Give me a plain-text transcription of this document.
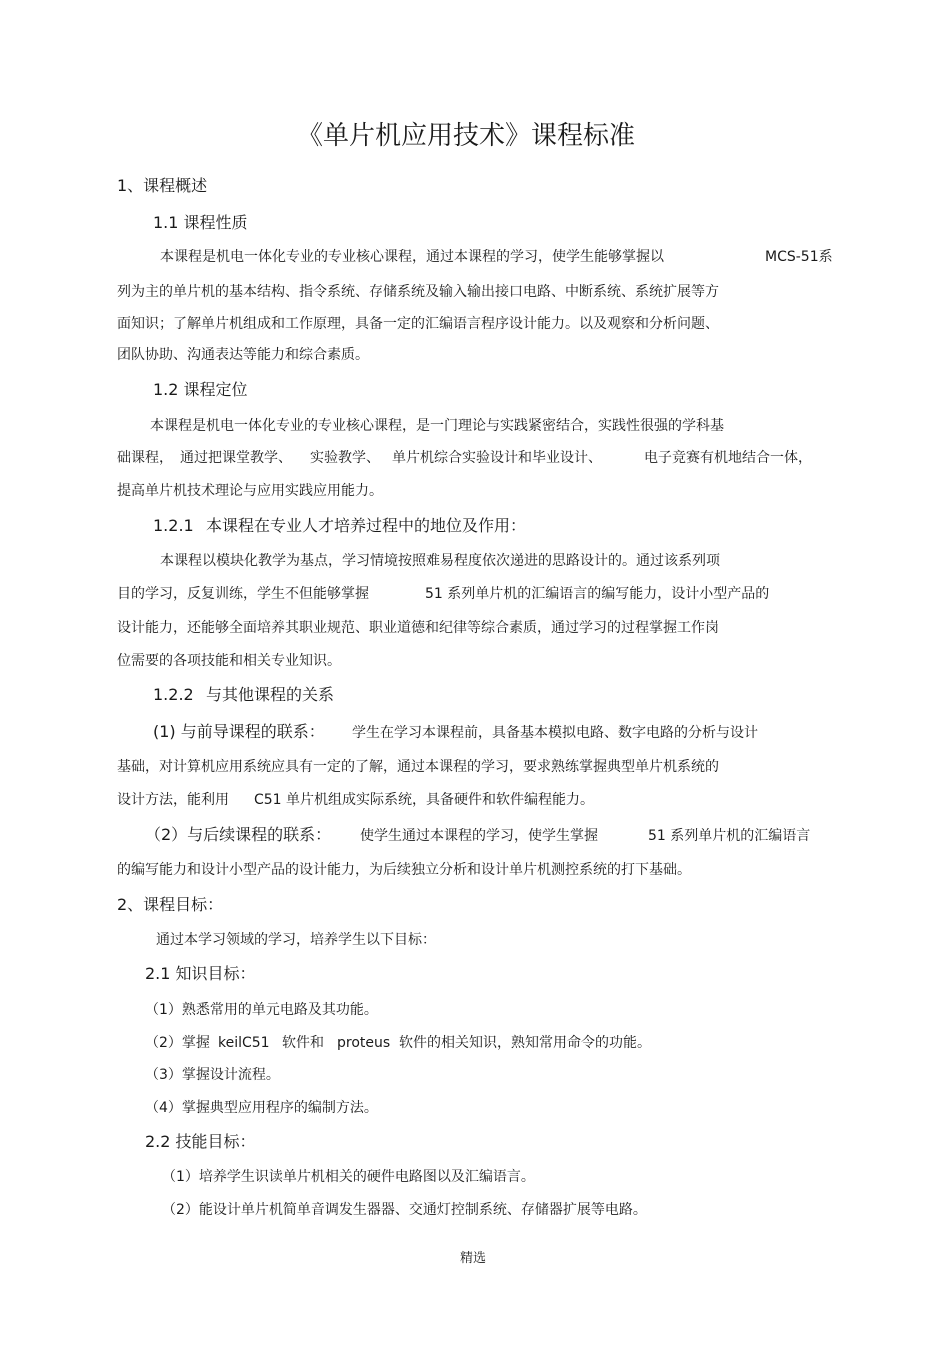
《单片机应用技术》课程标准
1、课程概述
1.1 课程性质
本课程是机电一体化专业的专业核心课程，通过本课程的学习，使学生能够掌握以	MCS-51系
列为主的单片机的基本结构、指令系统、存储系统及输入输出接口电路、中断系统、系统扩展等方
面知识；了解单片机组成和工作原理，具备一定的汇编语言程序设计能力。以及观察和分析问题、
团队协助、沟通表达等能力和综合素质。
1.2 课程定位
本课程是机电一体化专业的专业核心课程，是一门理论与实践紧密结合，实践性很强的学科基
础课程， 通过把课堂教学、 实验教学、 单片机综合实验设计和毕业设计、	电子竞赛有机地结合一体，
提高单片机技术理论与应用实践应用能力。
1.2.1 本课程在专业人才培养过程中的地位及作用：
本课程以模块化教学为基点，学习情境按照难易程度依次递进的思路设计的。通过该系列项
目的学习，反复训练，学生不但能够掌握	51 系列单片机的汇编语言的编写能力，设计小型产品的
设计能力，还能够全面培养其职业规范、职业道德和纪律等综合素质，通过学习的过程掌握工作岗
位需要的各项技能和相关专业知识。
1.2.2 与其他课程的关系
(1) 与前导课程的联系： 学生在学习本课程前，具备基本模拟电路、数字电路的分析与设计
基础，对计算机应用系统应具有一定的了解，通过本课程的学习，要求熟练掌握典型单片机系统的
设计方法，能利用 C51 单片机组成实际系统，具备硬件和软件编程能力。
（2）与后续课程的联系： 使学生通过本课程的学习，使学生掌握	51 系列单片机的汇编语言
的编写能力和设计小型产品的设计能力，为后续独立分析和设计单片机测控系统的打下基础。
2、课程目标：
通过本学习领域的学习，培养学生以下目标：
2.1 知识目标：
（1）熟悉常用的单元电路及其功能。
（2）掌握 keilC51 软件和 proteus 软件的相关知识，熟知常用命令的功能。
（3）掌握设计流程。
（4）掌握典型应用程序的编制方法。
2.2 技能目标：
（1）培养学生识读单片机相关的硬件电路图以及汇编语言。
（2）能设计单片机简单音调发生器器、交通灯控制系统、存储器扩展等电路。
精选
